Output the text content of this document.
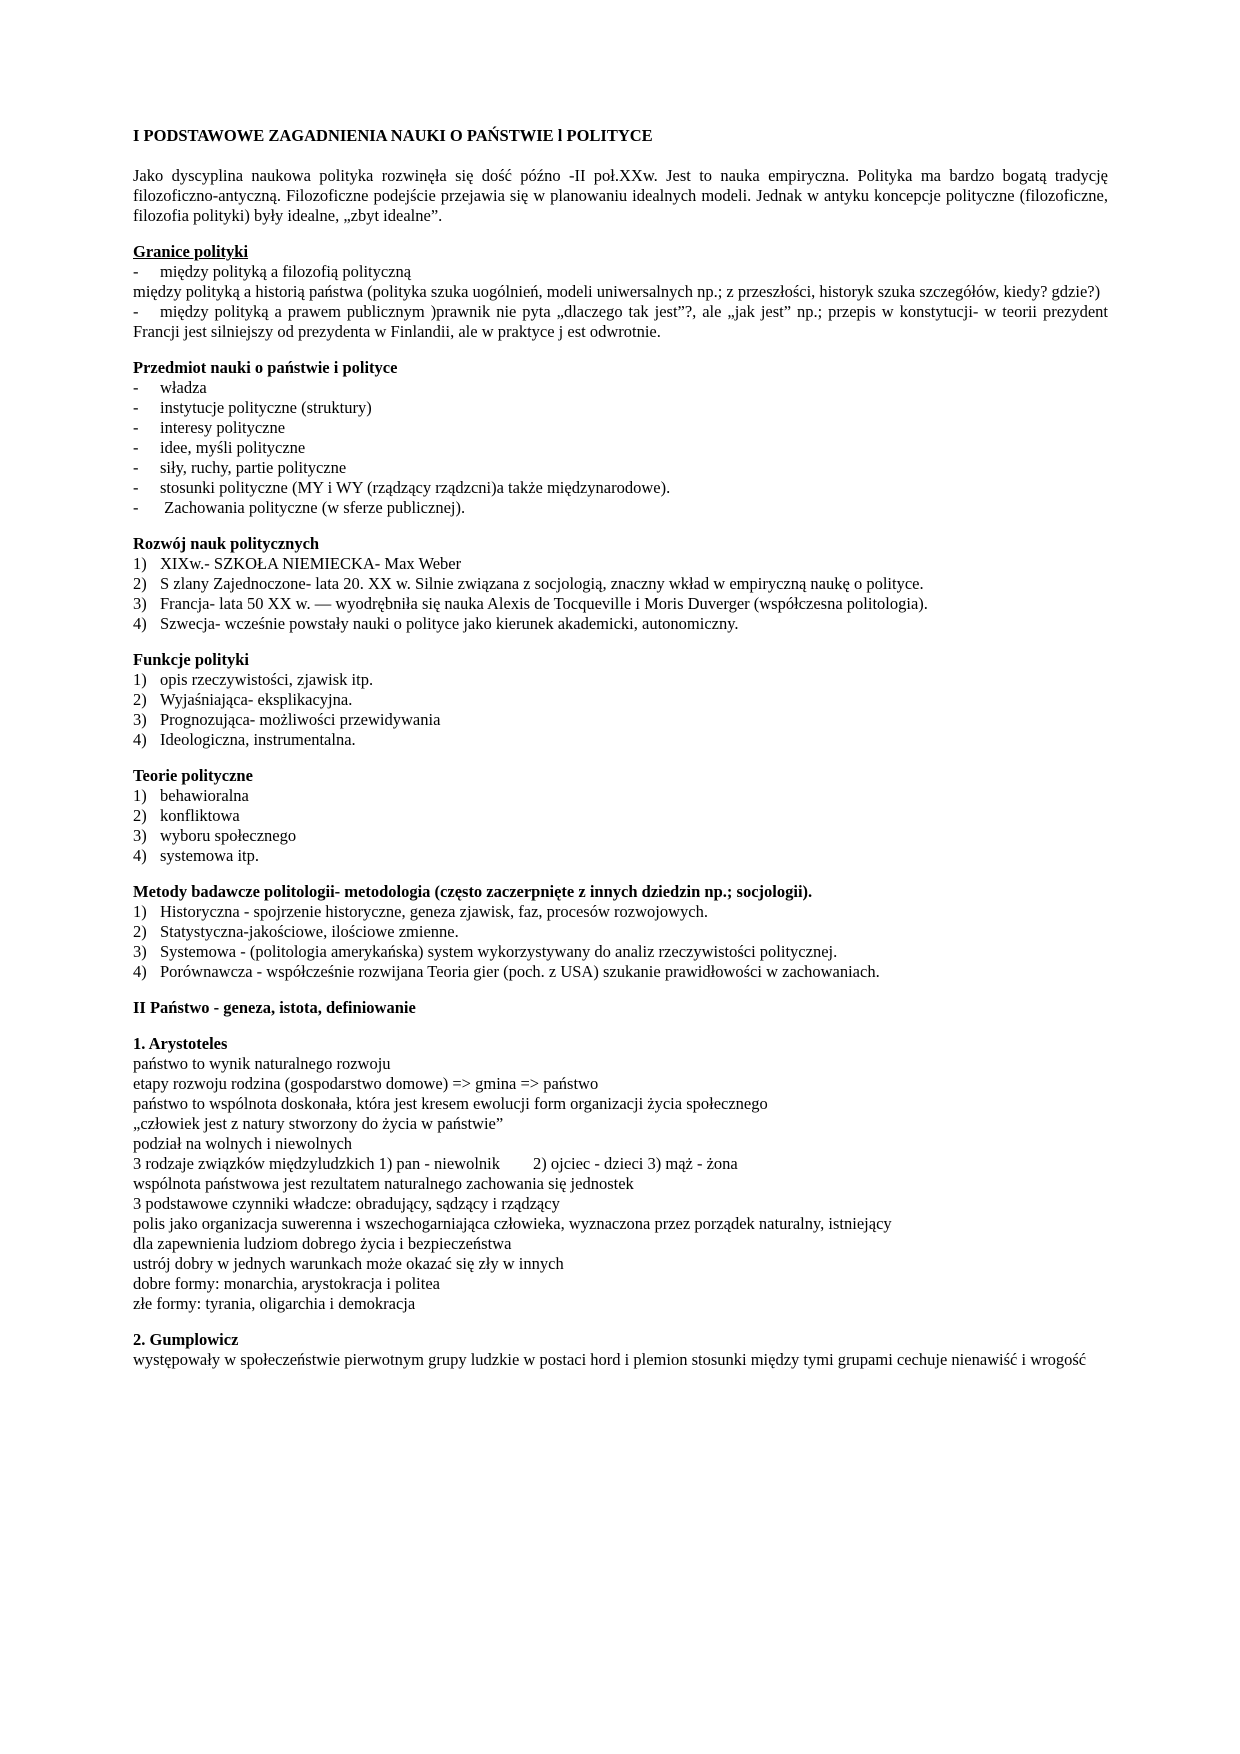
I PODSTAWOWE ZAGADNIENIA NAUKI O PAŃSTWIE l POLITYCE

Jako dyscyplina naukowa polityka rozwinęła się dość późno -II poł.XXw. Jest to nauka empiryczna. Polityka ma bardzo bogatą tradycję filozoficzno-antyczną. Filozoficzne podejście przejawia się w planowaniu idealnych modeli. Jednak w antyku koncepcje polityczne (filozoficzne, filozofia polityki) były idealne, „zbyt idealne”.

Granice polityki
- między polityką a filozofią polityczną

między polityką a historią państwa (polityka szuka uogólnień, modeli uniwersalnych np.; z przeszłości, historyk szuka szczegółów, kiedy? gdzie?)

- między polityką a prawem publicznym )prawnik nie pyta „dlaczego tak jest”?, ale „jak jest” np.; przepis w konstytucji- w teorii prezydent Francji jest silniejszy od prezydenta w Finlandii, ale w praktyce j est odwrotnie.
Przedmiot nauki o państwie i polityce
- władza
- instytucje polityczne (struktury)
- interesy polityczne
- idee, myśli polityczne
- siły, ruchy, partie polityczne
- stosunki polityczne (MY i WY (rządzący rządzcni)a także międzynarodowe).
- Zachowania polityczne (w sferze publicznej).
Rozwój nauk politycznych
1) XIXw.- SZKOŁA NIEMIECKA- Max Weber
2) S zlany Zajednoczone- lata 20. XX w. Silnie związana z socjologią, znaczny wkład w empiryczną naukę o polityce.
3) Francja- lata 50 XX w. — wyodrębniła się nauka Alexis de Tocqueville i Moris Duverger (współczesna politologia).
4) Szwecja- wcześnie powstały nauki o polityce jako kierunek akademicki, autonomiczny.
Funkcje polityki
1) opis rzeczywistości, zjawisk itp.
2) Wyjaśniająca- eksplikacyjna.
3) Prognozująca- możliwości przewidywania
4) Ideologiczna, instrumentalna.
Teorie polityczne
1) behawioralna
2) konfliktowa
3) wyboru społecznego
4) systemowa itp.
Metody badawcze politologii- metodologia (często zaczerpnięte z innych dziedzin np.; socjologii).
1) Historyczna - spojrzenie historyczne, geneza zjawisk, faz, procesów rozwojowych.
2) Statystyczna-jakościowe, ilościowe zmienne.
3) Systemowa - (politologia amerykańska) system wykorzystywany do analiz rzeczywistości politycznej.
4) Porównawcza - współcześnie rozwijana Teoria gier (poch. z USA) szukanie prawidłowości w zachowaniach.
II Państwo - geneza, istota, definiowanie
1. Arystoteles
państwo to wynik naturalnego rozwoju
etapy rozwoju rodzina (gospodarstwo domowe) => gmina => państwo
państwo to wspólnota doskonała, która jest kresem ewolucji form organizacji życia społecznego
„człowiek jest z natury stworzony do życia w państwie”
podział na wolnych i niewolnych
3 rodzaje związków międzyludzkich 1) pan - niewolnik        2) ojciec - dzieci 3) mąż - żona
wspólnota państwowa jest rezultatem naturalnego zachowania się jednostek
3 podstawowe czynniki władcze: obradujący, sądzący i rządzący
polis jako organizacja suwerenna i wszechogarniająca człowieka, wyznaczona przez porządek naturalny, istniejący
dla zapewnienia ludziom dobrego życia i bezpieczeństwa
ustrój dobry w jednych warunkach może okazać się zły w innych
dobre formy: monarchia, arystokracja i politea
złe formy: tyrania, oligarchia i demokracja
2. Gumplowicz

występowały w społeczeństwie pierwotnym grupy ludzkie w postaci hord i plemion stosunki między tymi grupami cechuje nienawiść i wrogość
